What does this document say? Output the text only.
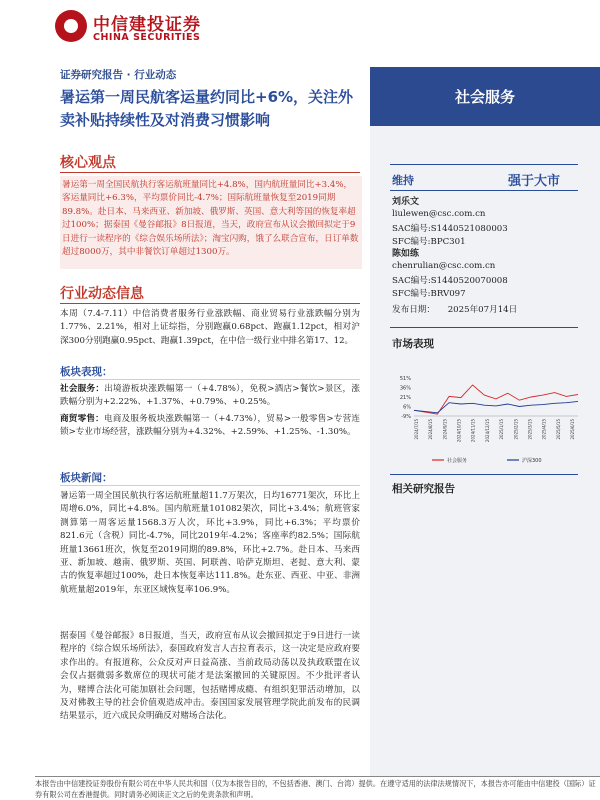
中信建投证券
CHINA SECURITIES
证券研究报告 · 行业动态
暑运第一周民航客运量约同比+6%，关注外卖补贴持续性及对消费习惯影响
社会服务
维持	强于大市
刘乐文
liulewen@csc.com.cn
SAC编号:S1440521080003
SFC编号:BPC301
陈如练
chenrulian@csc.com.cn
SAC编号:S1440520070008
SFC编号:BRV097
发布日期： 2025年07月14日
市场表现
51%
36%
21%
6%
-9%
2024/7/15 2024/8/15 2024/9/15 2024/10/15 2024/11/15 2024/12/15 2025/1/15 2025/2/15 2025/3/15 2025/4/15 2025/5/15 2025/6/15
社会服务	沪深300
相关研究报告
核心观点
暑运第一周全国民航执行客运航班量同比+4.8%，国内航班量同比+3.4%，客运量同比+6.3%，平均票价同比-4.7%；国际航班量恢复至2019同期89.8%。赴日本、马来西亚、新加坡、俄罗斯、英国、意大利等国的恢复率超过100%；据泰国《曼谷邮报》8日报道，当天，政府宣布从议会撤回拟定于9日进行一读程序的《综合娱乐场所法》；淘宝闪购，饿了么联合宣布，日订单数超过8000万，其中非餐饮订单超过1300万。
行业动态信息
本周（7.4-7.11）中信消费者服务行业涨跌幅、商业贸易行业涨跌幅分别为1.77%、2.21%，相对上证综指，分别跑赢0.68pct、跑赢1.12pct，相对沪深300分别跑赢0.95pct、跑赢1.39pct，在中信一级行业中排名第17、12。
板块表现：
社会服务：出境游板块涨跌幅第一（+4.78%），免税>酒店>餐饮>景区，涨跌幅分别为+2.22%、+1.37%、+0.79%、+0.25%。
商贸零售：电商及服务板块涨跌幅第一（+4.73%），贸易>一般零售>专营连锁>专业市场经营，涨跌幅分别为+4.32%、+2.59%、+1.25%、-1.30%。
板块新闻：
暑运第一周全国民航执行客运航班量超11.7万架次，日均16771架次，环比上周增6.0%，同比+4.8%。国内航班量101082架次，同比+3.4%；航班管家测算第一周客运量1568.3万人次，环比+3.9%，同比+6.3%；平均票价821.6元（含税）同比-4.7%，同比2019年-4.2%；客座率约82.5%；国际航班量13661班次，恢复至2019同期的89.8%，环比+2.7%。赴日本、马来西亚、新加坡、越南、俄罗斯、英国、阿联酋、哈萨克斯坦、老挝、意大利、蒙古的恢复率超过100%，赴日本恢复率达111.8%。赴东亚、西亚、中亚、非洲航班量超2019年，东亚区域恢复率106.9%。
据泰国《曼谷邮报》8日报道，当天，政府宣布从议会撤回拟定于9日进行一读程序的《综合娱乐场所法》，泰国政府发言人吉拉育表示，这一决定是应政府要求作出的。有报道称，公众反对声日益高涨、当前政局动荡以及执政联盟在议会仅占据微弱多数席位的现状可能才是法案撤回的关键原因。不少批评者认为，赌博合法化可能加剧社会问题，包括赌博成瘾、有组织犯罪活动增加，以及对佛教主导的社会价值观造成冲击。泰国国家发展管理学院此前发布的民调结果显示，近六成民众明确反对赌场合法化。
本报告由中信建投证券股份有限公司在中华人民共和国（仅为本报告目的，不包括香港、澳门、台湾）提供。在遵守适用的法律法规情况下，本报告亦可能由中信建投（国际）证券有限公司在香港提供。同时请务必阅读正文之后的免责条款和声明。
